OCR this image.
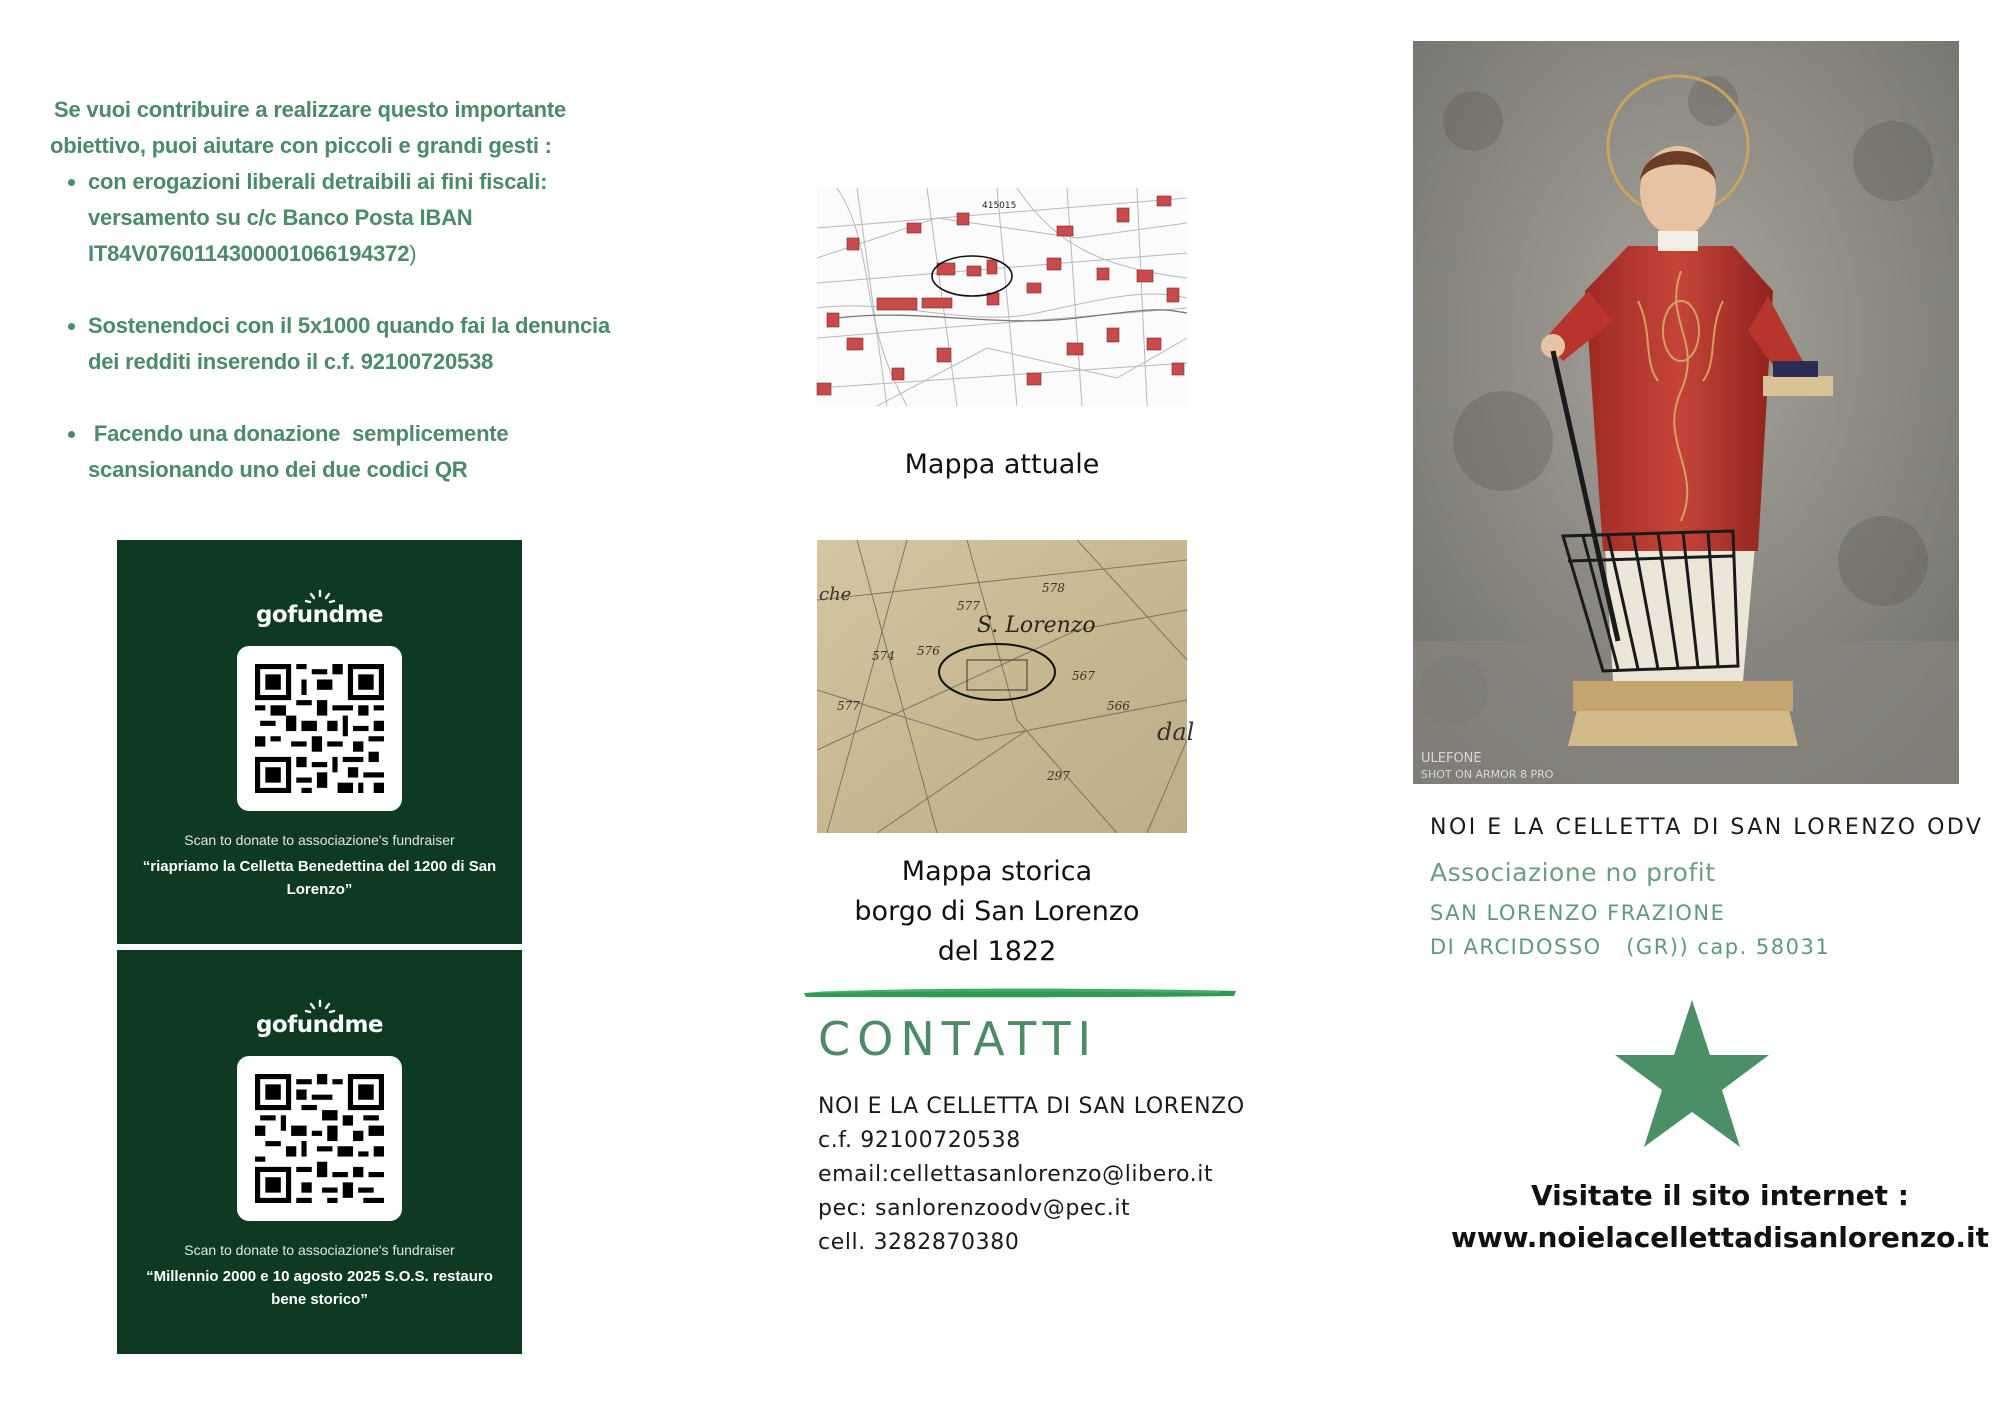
Se vuoi contribuire a realizzare questo importante

obiettivo, puoi aiutare con piccoli e grandi gesti :

• con erogazioni liberali detraibili ai fini fiscali:
versamento su c/c Banco Posta IBAN
IT84V0760114300001066194372)
• Sostenendoci con il 5x1000 quando fai la denuncia
dei redditi inserendo il c.f. 92100720538
•  Facendo una donazione  semplicemente
scansionando uno dei due codici QR
gofundme
Scan to donate to associazione's fundraiser
“riapriamo la Celletta Benedettina del 1200 di San Lorenzo”
gofundme
Scan to donate to associazione's fundraiser
“Millennio 2000 e 10 agosto 2025 S.O.S. restauro bene storico”
415015
Mappa attuale
S. Lorenzo
577
578
574 576
567
566
297
577
dal
che
Mappa storica
borgo di San Lorenzo
del 1822
CONTATTI
NOI E LA CELLETTA DI SAN LORENZO
c.f. 92100720538
email:cellettasanlorenzo@libero.it
pec: sanlorenzoodv@pec.it
cell. 3282870380
ULEFONE
SHOT ON ARMOR 8 PRO
NOI E LA CELLETTA DI SAN LORENZO ODV
Associazione no profit
SAN LORENZO FRAZIONE
DI ARCIDOSSO   (GR)) cap. 58031
Visitate il sito internet :
www.noielacellettadisanlorenzo.it
